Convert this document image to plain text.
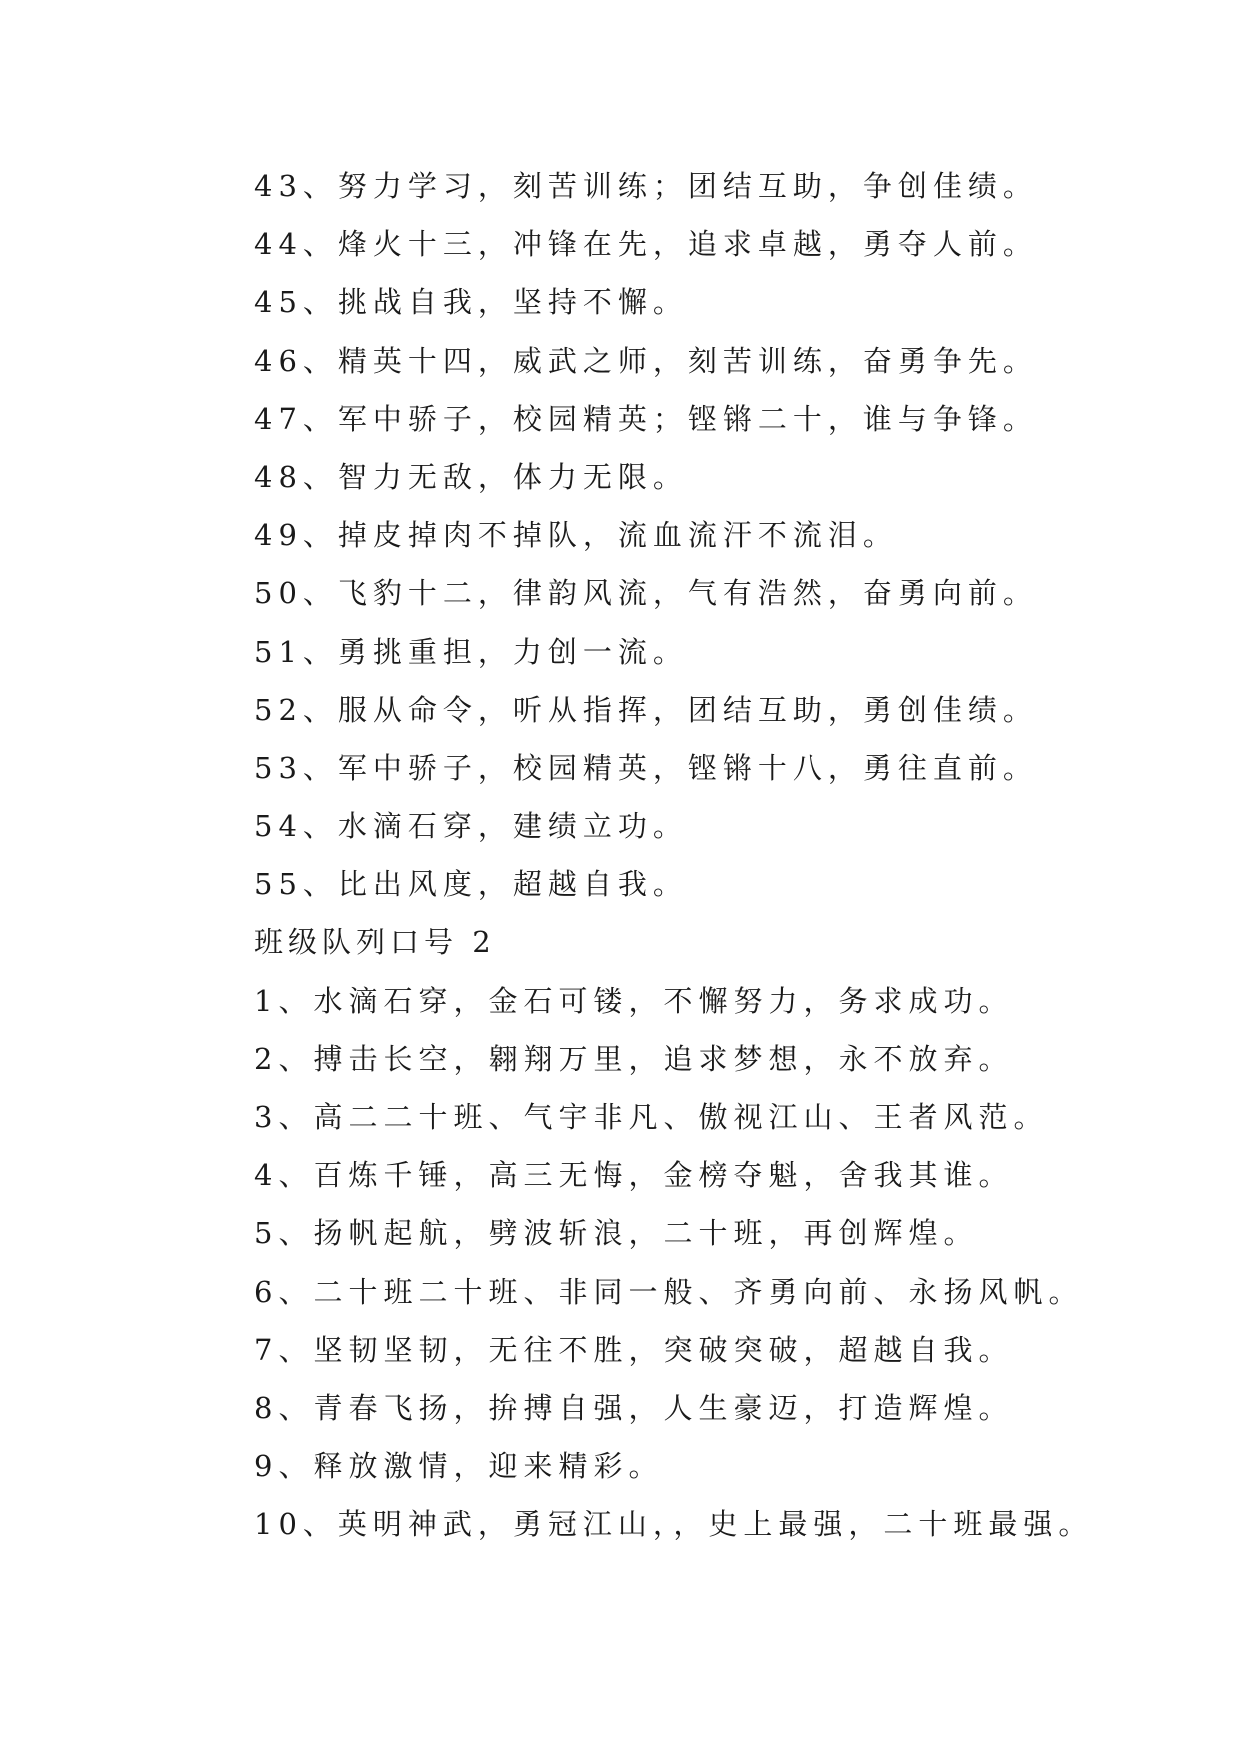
43、努力学习，刻苦训练；团结互助，争创佳绩。
44、烽火十三，冲锋在先，追求卓越，勇夺人前。
45、挑战自我，坚持不懈。
46、精英十四，威武之师，刻苦训练，奋勇争先。
47、军中骄子，校园精英；铿锵二十，谁与争锋。
48、智力无敌，体力无限。
49、掉皮掉肉不掉队，流血流汗不流泪。
50、飞豹十二，律韵风流，气有浩然，奋勇向前。
51、勇挑重担，力创一流。
52、服从命令，听从指挥，团结互助，勇创佳绩。
53、军中骄子，校园精英，铿锵十八，勇往直前。
54、水滴石穿，建绩立功。
55、比出风度，超越自我。
班级队列口号 2
1、水滴石穿，金石可镂，不懈努力，务求成功。
2、搏击长空，翱翔万里，追求梦想，永不放弃。
3、高二二十班、气宇非凡、傲视江山、王者风范。
4、百炼千锤，高三无悔，金榜夺魁，舍我其谁。
5、扬帆起航，劈波斩浪，二十班，再创辉煌。
6、二十班二十班、非同一般、齐勇向前、永扬风帆。
7、坚韧坚韧，无往不胜，突破突破，超越自我。
8、青春飞扬，拚搏自强，人生豪迈，打造辉煌。
9、释放激情，迎来精彩。
10、英明神武，勇冠江山，，史上最强，二十班最强。
